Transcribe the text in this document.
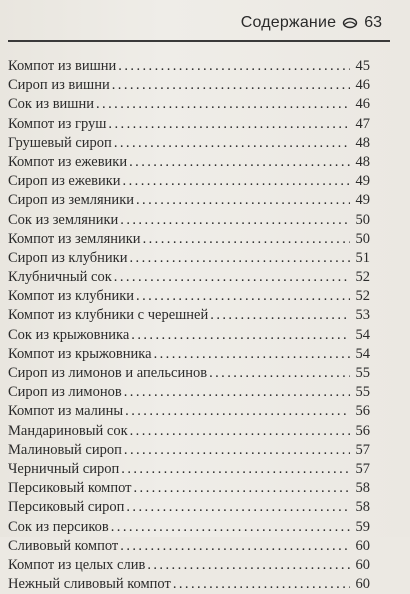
Содержание 63
Компот из вишни . . .	45
Сироп из вишни . . .	46
Сок из вишни . . .	46
Компот из груш . . .	47
Грушевый сироп . . .	48
Компот из ежевики . . .	48
Сироп из ежевики . . .	49
Сироп из земляники . . .	49
Сок из земляники . . .	50
Компот из земляники . . .	50
Сироп из клубники . . .	51
Клубничный сок . . .	52
Компот из клубники . . .	52
Компот из клубники с черешней . . .	53
Сок из крыжовника . . .	54
Компот из крыжовника . . .	54
Сироп из лимонов и апельсинов . . .	55
Сироп из лимонов . . .	55
Компот из малины . . .	56
Мандариновый сок . . .	56
Малиновый сироп . . .	57
Черничный сироп . . .	57
Персиковый компот . . .	58
Персиковый сироп . . .	58
Сок из персиков . . .	59
Сливовый компот . . .	60
Компот из целых слив . . .	60
Нежный сливовый компот . . .	60
